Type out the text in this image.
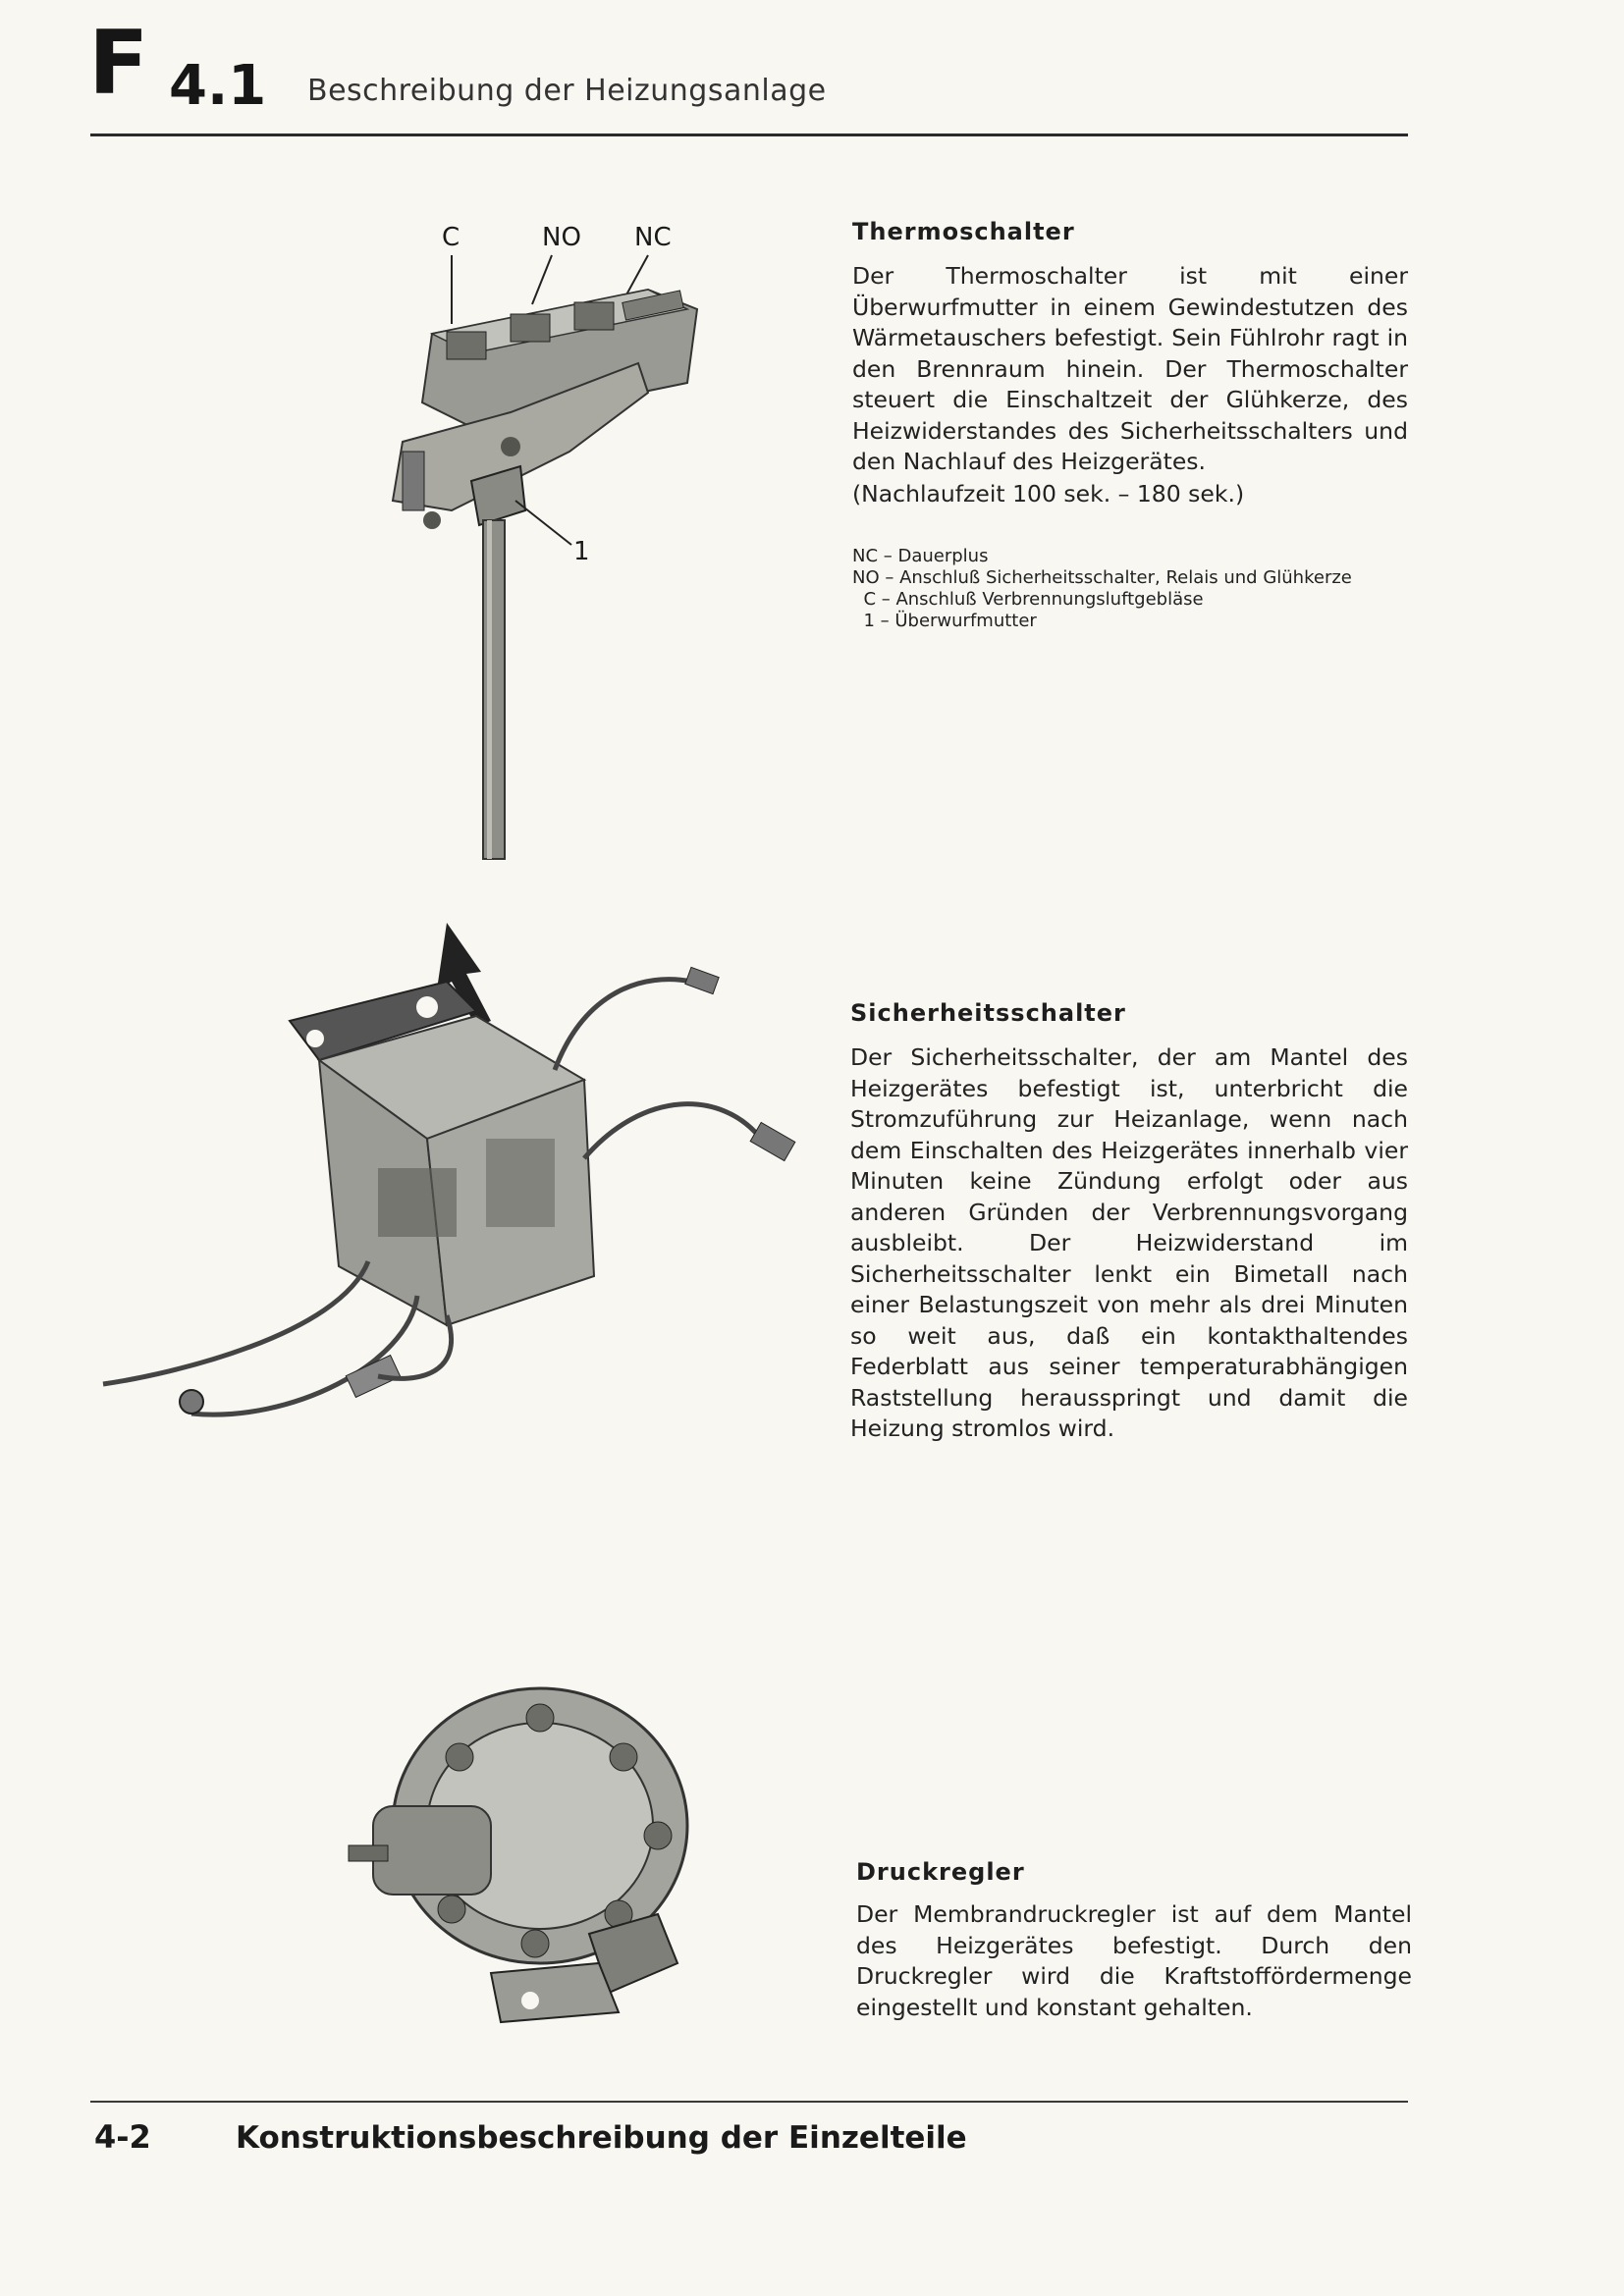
F 4.1 Beschreibung der Heizungsanlage
C	NO NC
1
Thermoschalter
Der Thermoschalter ist mit einer Überwurfmutter in einem Gewindestutzen des Wärmetauschers befestigt. Sein Fühlrohr ragt in den Brennraum hinein. Der Thermoschalter steuert die Einschaltzeit der Glühkerze, des Heizwiderstandes des Sicherheitsschalters und den Nachlauf des Heizgerätes.
(Nachlaufzeit 100 sek. – 180 sek.)
NC – Dauerplus
NO – Anschluß Sicherheitsschalter, Relais und Glühkerze
C – Anschluß Verbrennungsluftgebläse
1 – Überwurfmutter
Sicherheitsschalter
Der Sicherheitsschalter, der am Mantel des Heizgerätes befestigt ist, unterbricht die Stromzuführung zur Heizanlage, wenn nach dem Einschalten des Heizgerätes innerhalb vier Minuten keine Zündung erfolgt oder aus anderen Gründen der Verbrennungsvorgang ausbleibt. Der Heizwiderstand im Sicherheitsschalter lenkt ein Bimetall nach einer Belastungszeit von mehr als drei Minuten so weit aus, daß ein kontakthaltendes Federblatt aus seiner temperaturabhängigen Raststellung herausspringt und damit die Heizung stromlos wird.
Druckregler
Der Membrandruckregler ist auf dem Mantel des Heizgerätes befestigt. Durch den Druckregler wird die Kraftstoffördermenge eingestellt und konstant gehalten.
4-2	Konstruktionsbeschreibung der Einzelteile
